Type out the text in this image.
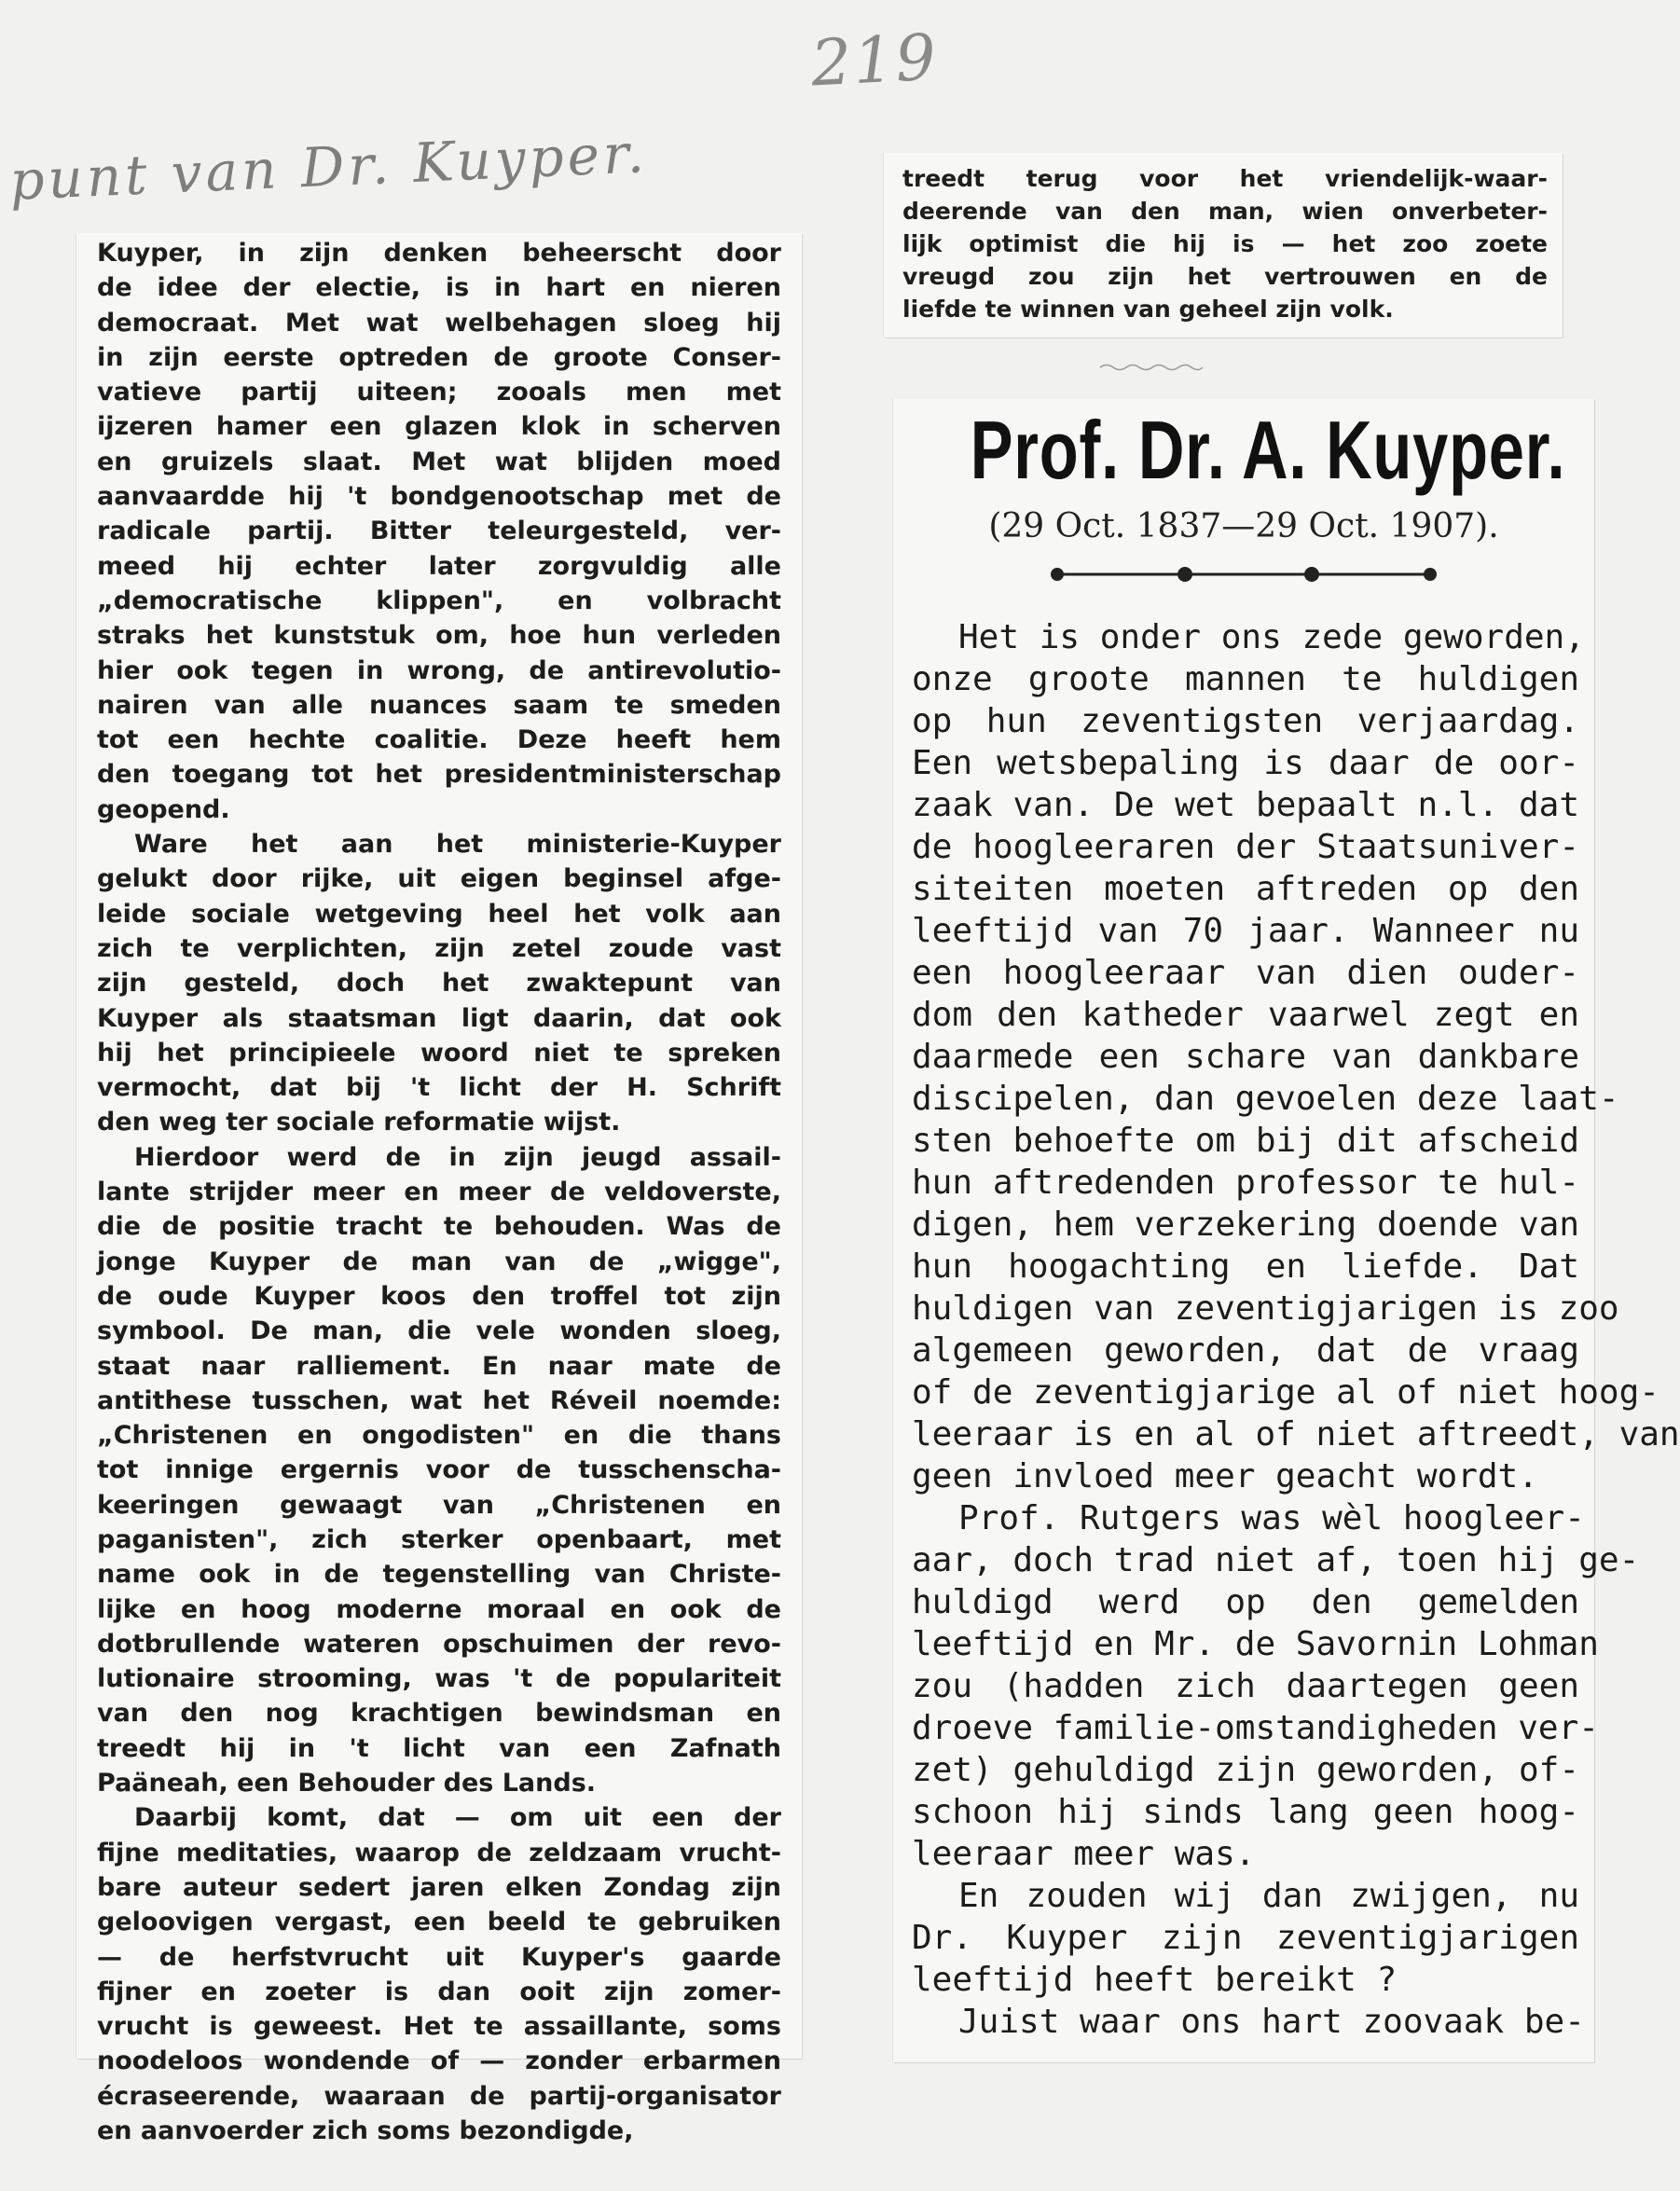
219
punt van Dr. Kuyper.
Kuyper, in zijn denken beheerscht door
de idee der electie, is in hart en nieren
democraat. Met wat welbehagen sloeg hij
in zijn eerste optreden de groote Conser-
vatieve partij uiteen; zooals men met
ijzeren hamer een glazen klok in scherven
en gruizels slaat. Met wat blijden moed
aanvaardde hij 't bondgenootschap met de
radicale partij. Bitter teleurgesteld, ver-
meed hij echter later zorgvuldig alle
„democratische klippen", en volbracht
straks het kunststuk om, hoe hun verleden
hier ook tegen in wrong, de antirevolutio-
nairen van alle nuances saam te smeden
tot een hechte coalitie. Deze heeft hem
den toegang tot het presidentministerschap
geopend.
Ware het aan het ministerie-Kuyper
gelukt door rijke, uit eigen beginsel afge-
leide sociale wetgeving heel het volk aan
zich te verplichten, zijn zetel zoude vast
zijn gesteld, doch het zwaktepunt van
Kuyper als staatsman ligt daarin, dat ook
hij het principieele woord niet te spreken
vermocht, dat bij 't licht der H. Schrift
den weg ter sociale reformatie wijst.
Hierdoor werd de in zijn jeugd assail-
lante strijder meer en meer de veldoverste,
die de positie tracht te behouden. Was de
jonge Kuyper de man van de „wigge",
de oude Kuyper koos den troffel tot zijn
symbool. De man, die vele wonden sloeg,
staat naar ralliement. En naar mate de
antithese tusschen, wat het Réveil noemde:
„Christenen en ongodisten" en die thans
tot innige ergernis voor de tusschenscha-
keeringen gewaagt van „Christenen en
paganisten", zich sterker openbaart, met
name ook in de tegenstelling van Christe-
lijke en hoog moderne moraal en ook de
dotbrullende wateren opschuimen der revo-
lutionaire strooming, was 't de populariteit
van den nog krachtigen bewindsman en
treedt hij in 't licht van een Zafnath
Paäneah, een Behouder des Lands.
Daarbij komt, dat — om uit een der
fijne meditaties, waarop de zeldzaam vrucht-
bare auteur sedert jaren elken Zondag zijn
geloovigen vergast, een beeld te gebruiken
— de herfstvrucht uit Kuyper's gaarde
fijner en zoeter is dan ooit zijn zomer-
vrucht is geweest. Het te assaillante, soms
noodeloos wondende of — zonder erbarmen
écraseerende, waaraan de partij-organisator
en aanvoerder zich soms bezondigde,
treedt terug voor het vriendelijk-waar-
deerende van den man, wien onverbeter-
lijk optimist die hij is — het zoo zoete
vreugd zou zijn het vertrouwen en de
liefde te winnen van geheel zijn volk.
Prof. Dr. A. Kuyper.
(29 Oct. 1837—29 Oct. 1907).
Het is onder ons zede geworden,
onze groote mannen te huldigen
op hun zeventigsten verjaardag.
Een wetsbepaling is daar de oor-
zaak van. De wet bepaalt n.l. dat
de hoogleeraren der Staatsuniver-
siteiten moeten aftreden op den
leeftijd van 70 jaar. Wanneer nu
een hoogleeraar van dien ouder-
dom den katheder vaarwel zegt en
daarmede een schare van dankbare
discipelen, dan gevoelen deze laat-
sten behoefte om bij dit afscheid
hun aftredenden professor te hul-
digen, hem verzekering doende van
hun hoogachting en liefde. Dat
huldigen van zeventigjarigen is zoo
algemeen geworden, dat de vraag
of de zeventigjarige al of niet hoog-
leeraar is en al of niet aftreedt, van
geen invloed meer geacht wordt.
Prof. Rutgers was wèl hoogleer-
aar, doch trad niet af, toen hij ge-
huldigd werd op den gemelden
leeftijd en Mr. de Savornin Lohman
zou (hadden zich daartegen geen
droeve familie-omstandigheden ver-
zet) gehuldigd zijn geworden, of-
schoon hij sinds lang geen hoog-
leeraar meer was.
En zouden wij dan zwijgen, nu
Dr. Kuyper zijn zeventigjarigen
leeftijd heeft bereikt ?
Juist waar ons hart zoovaak be-
